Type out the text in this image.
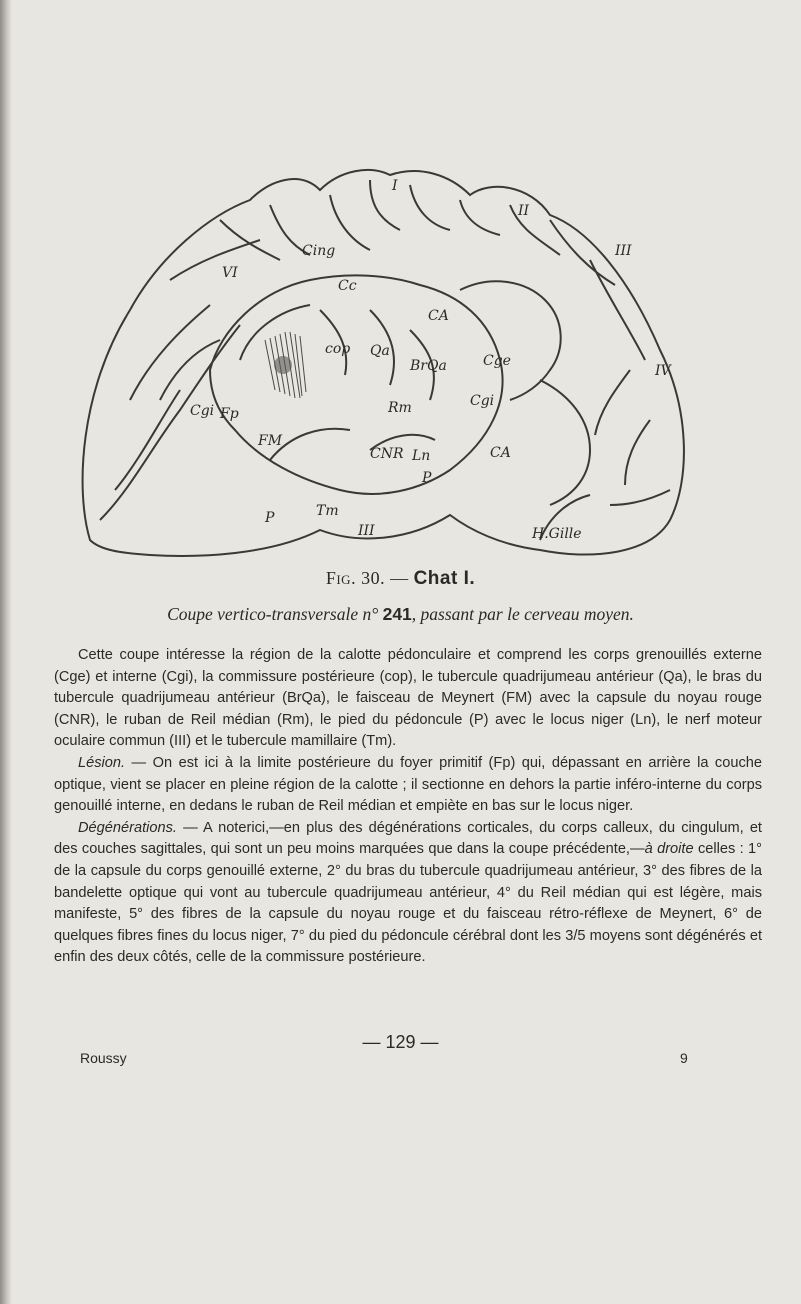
I
II
III
IV
Cing
VI
Cc
CA
cop Qa
BrQa	Cge
Cgi
Cgi Fp	Rm
FM
CNR Ln
P
CA
P	Tm
III	H.Gille
Fig. 30. — Chat I.
Coupe vertico-transversale n° 241, passant par le cerveau moyen.

Cette coupe intéresse la région de la calotte pédonculaire et comprend les corps grenouillés externe (Cge) et interne (Cgi), la commissure postérieure (cop), le tubercule quadrijumeau antérieur (Qa), le bras du tubercule quadrijumeau antérieur (BrQa), le faisceau de Meynert (FM) avec la capsule du noyau rouge (CNR), le ruban de Reil médian (Rm), le pied du pédoncule (P) avec le locus niger (Ln), le nerf moteur oculaire commun (III) et le tubercule mamillaire (Tm).

Lésion. — On est ici à la limite postérieure du foyer primitif (Fp) qui, dépassant en arrière la couche optique, vient se placer en pleine région de la calotte ; il sectionne en dehors la partie inféro-interne du corps genouillé interne, en dedans le ruban de Reil médian et empiète en bas sur le locus niger.

Dégénérations. — A noterici,—en plus des dégénérations corticales, du corps calleux, du cingulum, et des couches sagittales, qui sont un peu moins marquées que dans la coupe précédente,—à droite celles : 1° de la capsule du corps genouillé externe, 2° du bras du tubercule quadrijumeau antérieur, 3° des fibres de la bandelette optique qui vont au tubercule quadrijumeau antérieur, 4° du Reil médian qui est légère, mais manifeste, 5° des fibres de la capsule du noyau rouge et du faisceau rétro-réflexe de Meynert, 6° de quelques fibres fines du locus niger, 7° du pied du pédoncule cérébral dont les 3/5 moyens sont dégénérés et enfin des deux côtés, celle de la commissure postérieure.

— 129 —
Roussy	9
